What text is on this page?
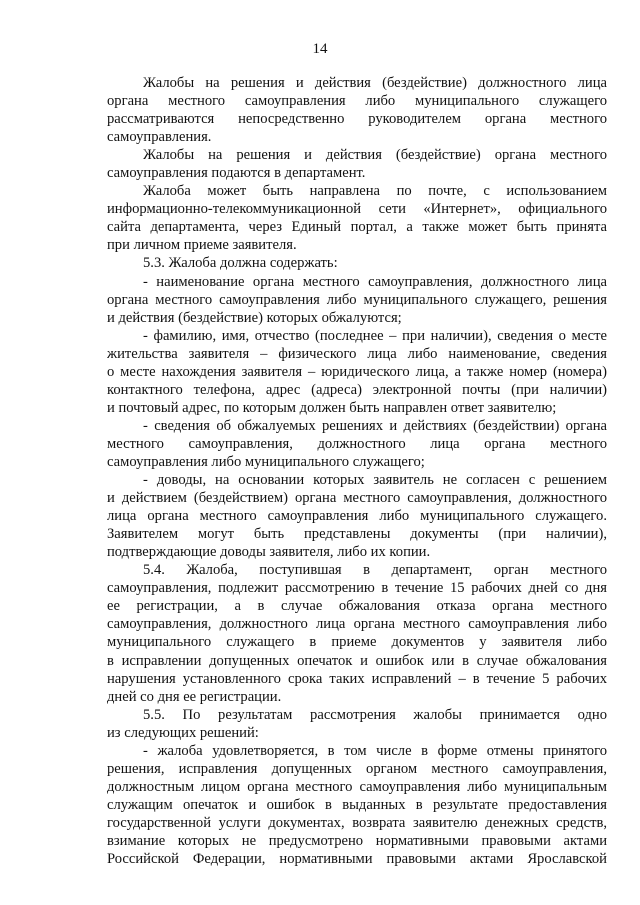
14
Жалобы на решения и действия (бездействие) должностного лица
органа местного самоуправления либо муниципального служащего
рассматриваются непосредственно руководителем органа местного
самоуправления.
Жалобы на решения и действия (бездействие) органа местного
самоуправления подаются в департамент.
Жалоба может быть направлена по почте, с использованием
информационно-телекоммуникационной сети «Интернет», официального
сайта департамента, через Единый портал, а также может быть принята
при личном приеме заявителя.
5.3. Жалоба должна содержать:
- наименование органа местного самоуправления, должностного лица
органа местного самоуправления либо муниципального служащего, решения
и действия (бездействие) которых обжалуются;
- фамилию, имя, отчество (последнее – при наличии), сведения о месте
жительства заявителя – физического лица либо наименование, сведения
о месте нахождения заявителя – юридического лица, а также номер (номера)
контактного телефона, адрес (адреса) электронной почты (при наличии)
и почтовый адрес, по которым должен быть направлен ответ заявителю;
- сведения об обжалуемых решениях и действиях (бездействии) органа
местного самоуправления, должностного лица органа местного
самоуправления либо муниципального служащего;
- доводы, на основании которых заявитель не согласен с решением
и действием (бездействием) органа местного самоуправления, должностного
лица органа местного самоуправления либо муниципального служащего.
Заявителем могут быть представлены документы (при наличии),
подтверждающие доводы заявителя, либо их копии.
5.4. Жалоба, поступившая в департамент, орган местного
самоуправления, подлежит рассмотрению в течение 15 рабочих дней со дня
ее регистрации, а в случае обжалования отказа органа местного
самоуправления, должностного лица органа местного самоуправления либо
муниципального служащего в приеме документов у заявителя либо
в исправлении допущенных опечаток и ошибок или в случае обжалования
нарушения установленного срока таких исправлений – в течение 5 рабочих
дней со дня ее регистрации.
5.5. По результатам рассмотрения жалобы принимается одно
из следующих решений:
- жалоба удовлетворяется, в том числе в форме отмены принятого
решения, исправления допущенных органом местного самоуправления,
должностным лицом органа местного самоуправления либо муниципальным
служащим опечаток и ошибок в выданных в результате предоставления
государственной услуги документах, возврата заявителю денежных средств,
взимание которых не предусмотрено нормативными правовыми актами
Российской Федерации, нормативными правовыми актами Ярославской
